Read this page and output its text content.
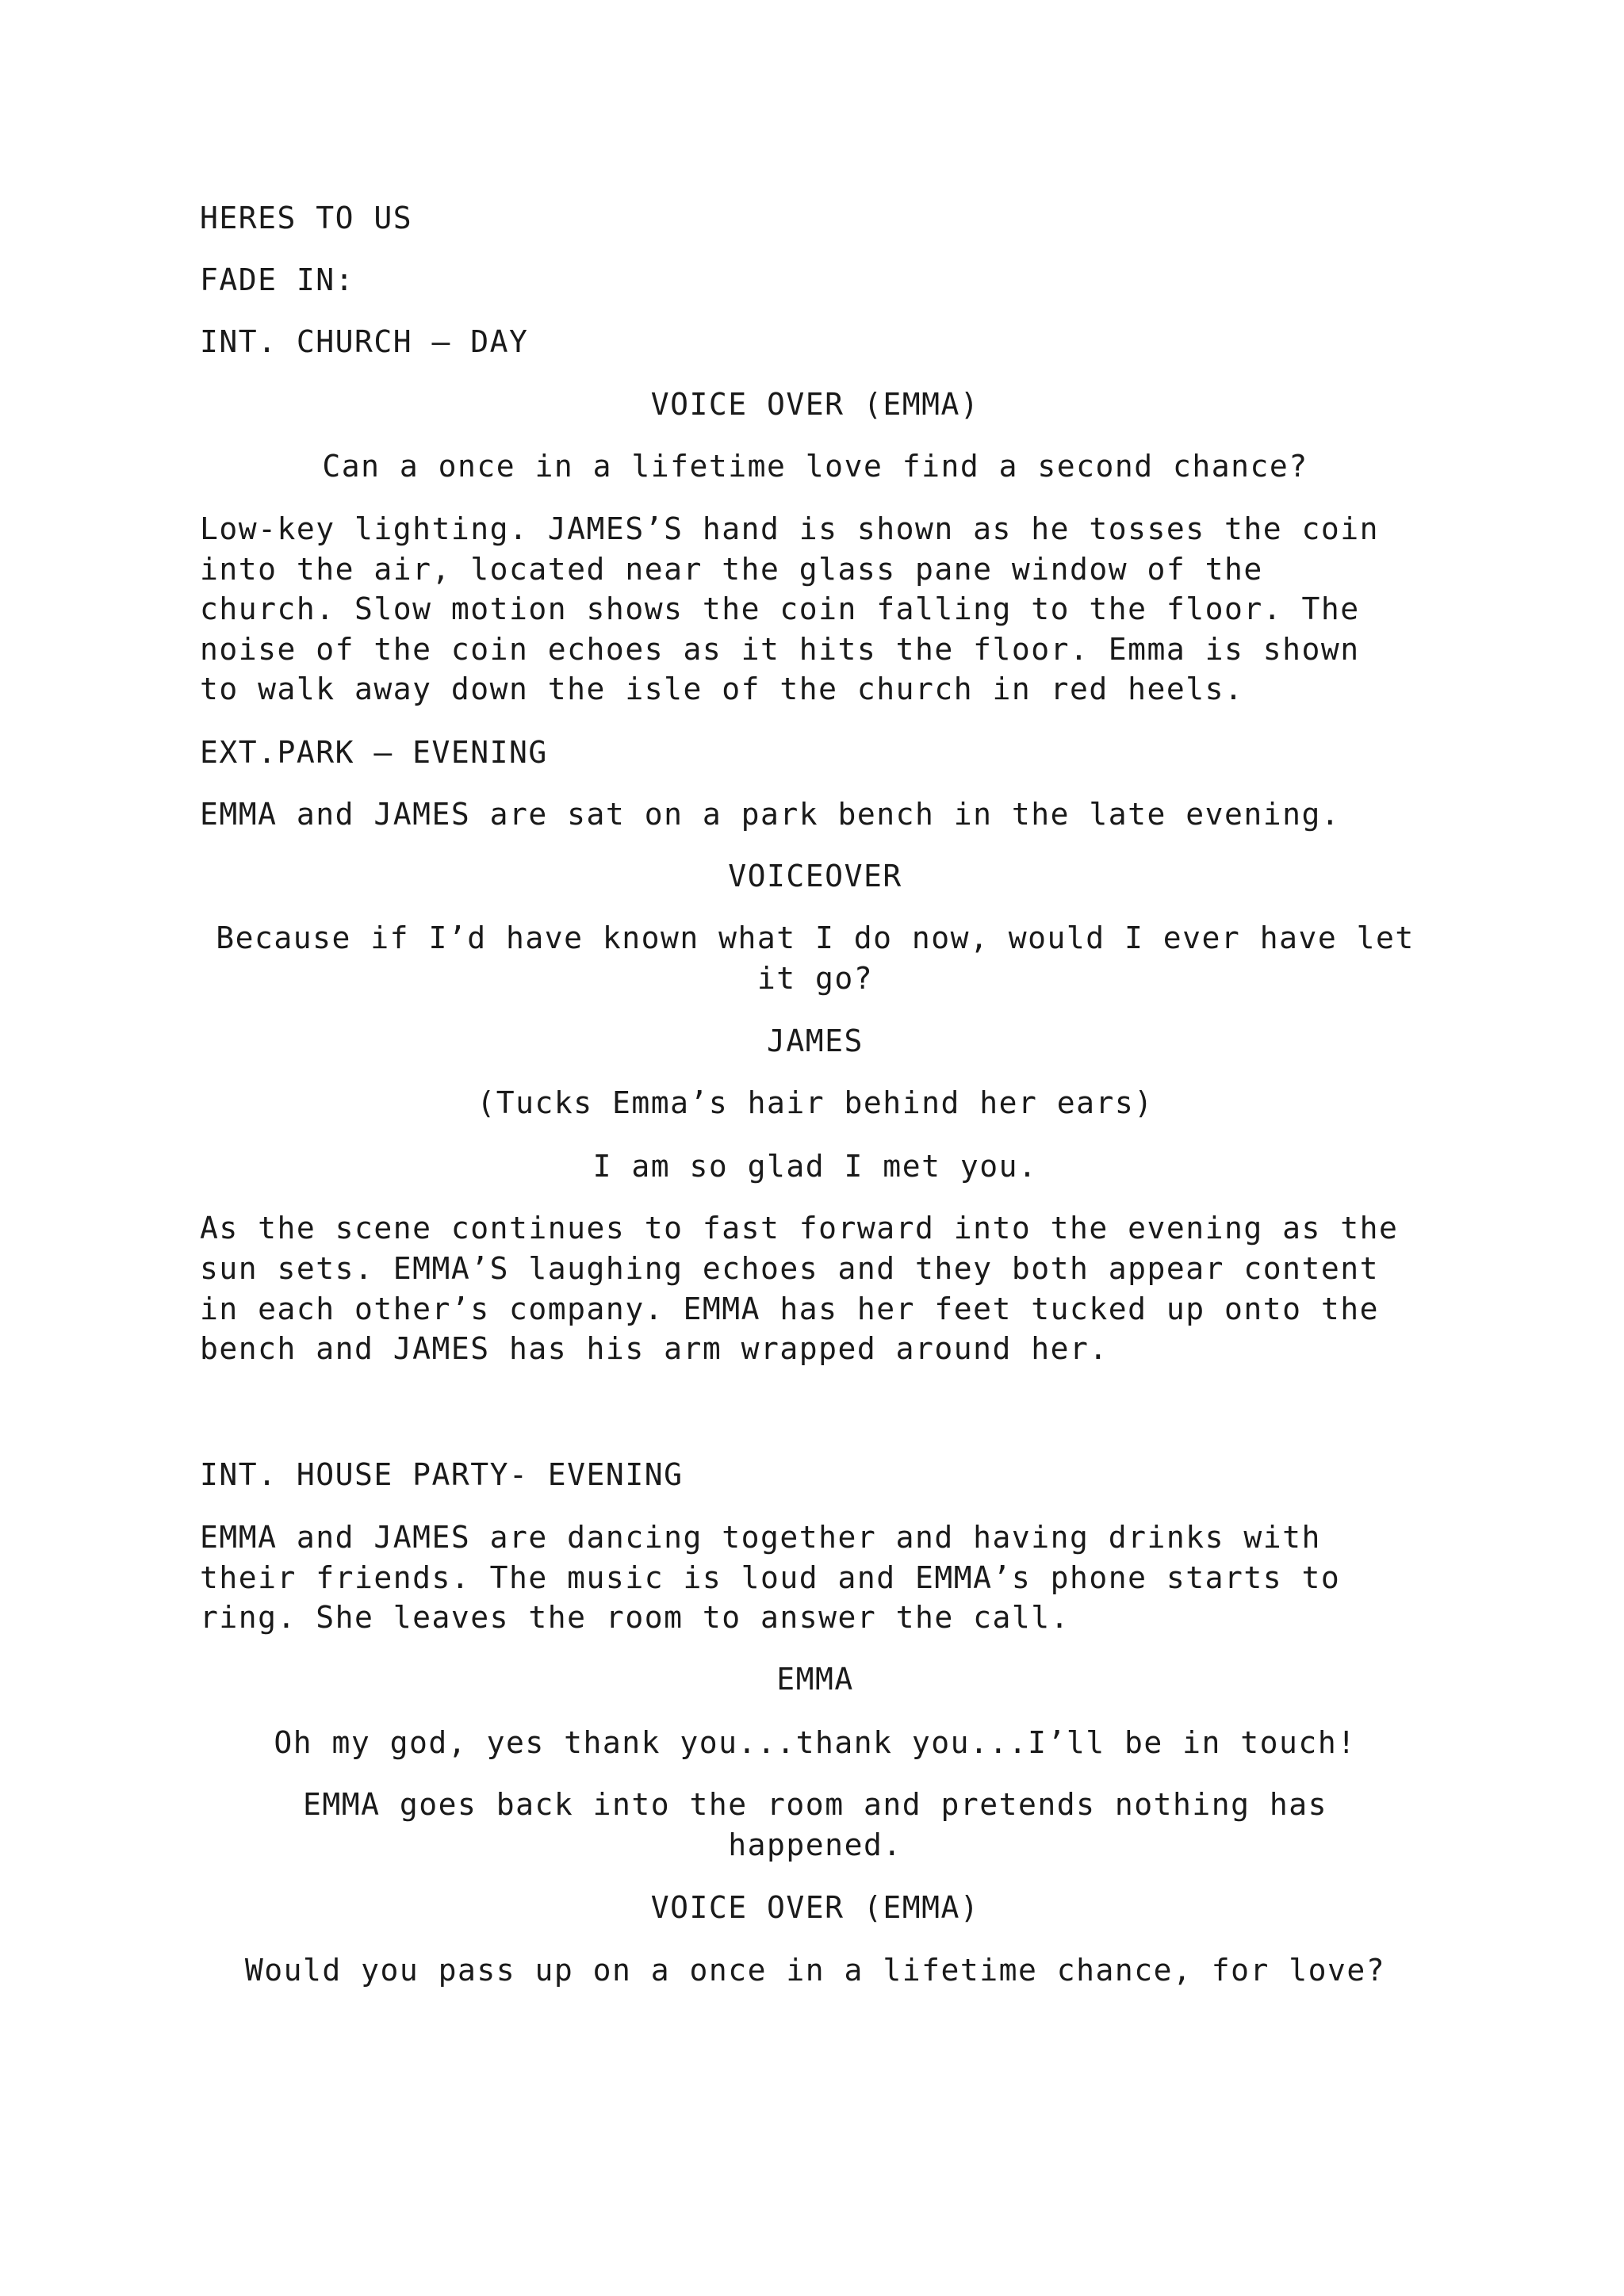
HERES TO US
FADE IN:
INT. CHURCH – DAY
VOICE OVER (EMMA)
Can a once in a lifetime love find a second chance?
Low-key lighting. JAMES’S hand is shown as he tosses the coin
into the air, located near the glass pane window of the
church. Slow motion shows the coin falling to the floor. The
noise of the coin echoes as it hits the floor. Emma is shown
to walk away down the isle of the church in red heels.
EXT.PARK – EVENING
EMMA and JAMES are sat on a park bench in the late evening.
VOICEOVER
Because if I’d have known what I do now, would I ever have let
it go?
JAMES
(Tucks Emma’s hair behind her ears)
I am so glad I met you.
As the scene continues to fast forward into the evening as the
sun sets. EMMA’S laughing echoes and they both appear content
in each other’s company. EMMA has her feet tucked up onto the
bench and JAMES has his arm wrapped around her.
INT. HOUSE PARTY- EVENING
EMMA and JAMES are dancing together and having drinks with
their friends. The music is loud and EMMA’s phone starts to
ring. She leaves the room to answer the call.
EMMA
Oh my god, yes thank you...thank you...I’ll be in touch!
EMMA goes back into the room and pretends nothing has
happened.
VOICE OVER (EMMA)
Would you pass up on a once in a lifetime chance, for love?
